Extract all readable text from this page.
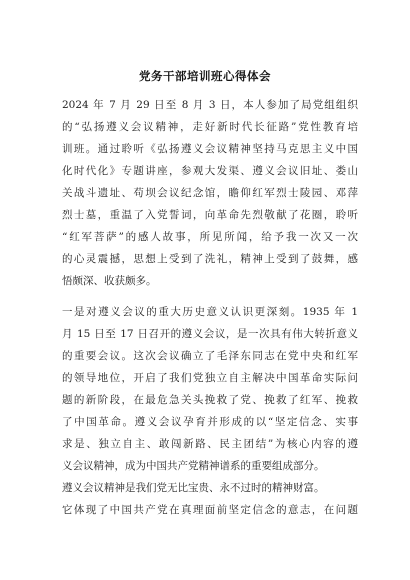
党务干部培训班心得体会
2024 年 7 月 29 日至 8 月 3 日，本人参加了局党组组织
的“弘扬遵义会议精神，走好新时代长征路”党性教育培
训班。通过聆听《弘扬遵义会议精神坚持马克思主义中国
化时代化》专题讲座，参观大发渠、遵义会议旧址、娄山
关战斗遗址、苟坝会议纪念馆，瞻仰红军烈士陵园、邓萍
烈士墓，重温了入党誓词，向革命先烈敬献了花圈，聆听
“红军菩萨”的感人故事，所见所闻，给予我一次又一次
的心灵震撼，思想上受到了洗礼，精神上受到了鼓舞，感
悟颇深、收获颇多。
一是对遵义会议的重大历史意义认识更深刻。1935 年 1
月 15 日至 17 日召开的遵义会议，是一次具有伟大转折意义
的重要会议。这次会议确立了毛泽东同志在党中央和红军
的领导地位，开启了我们党独立自主解决中国革命实际问
题的新阶段，在最危急关头挽救了党、挽救了红军、挽救
了中国革命。遵义会议孕育并形成的以“坚定信念、实事
求是、独立自主、敢闯新路、民主团结”为核心内容的遵
义会议精神，成为中国共产党精神谱系的重要组成部分。
遵义会议精神是我们党无比宝贵、永不过时的精神财富。
它体现了中国共产党在真理面前坚定信念的意志，在问题
